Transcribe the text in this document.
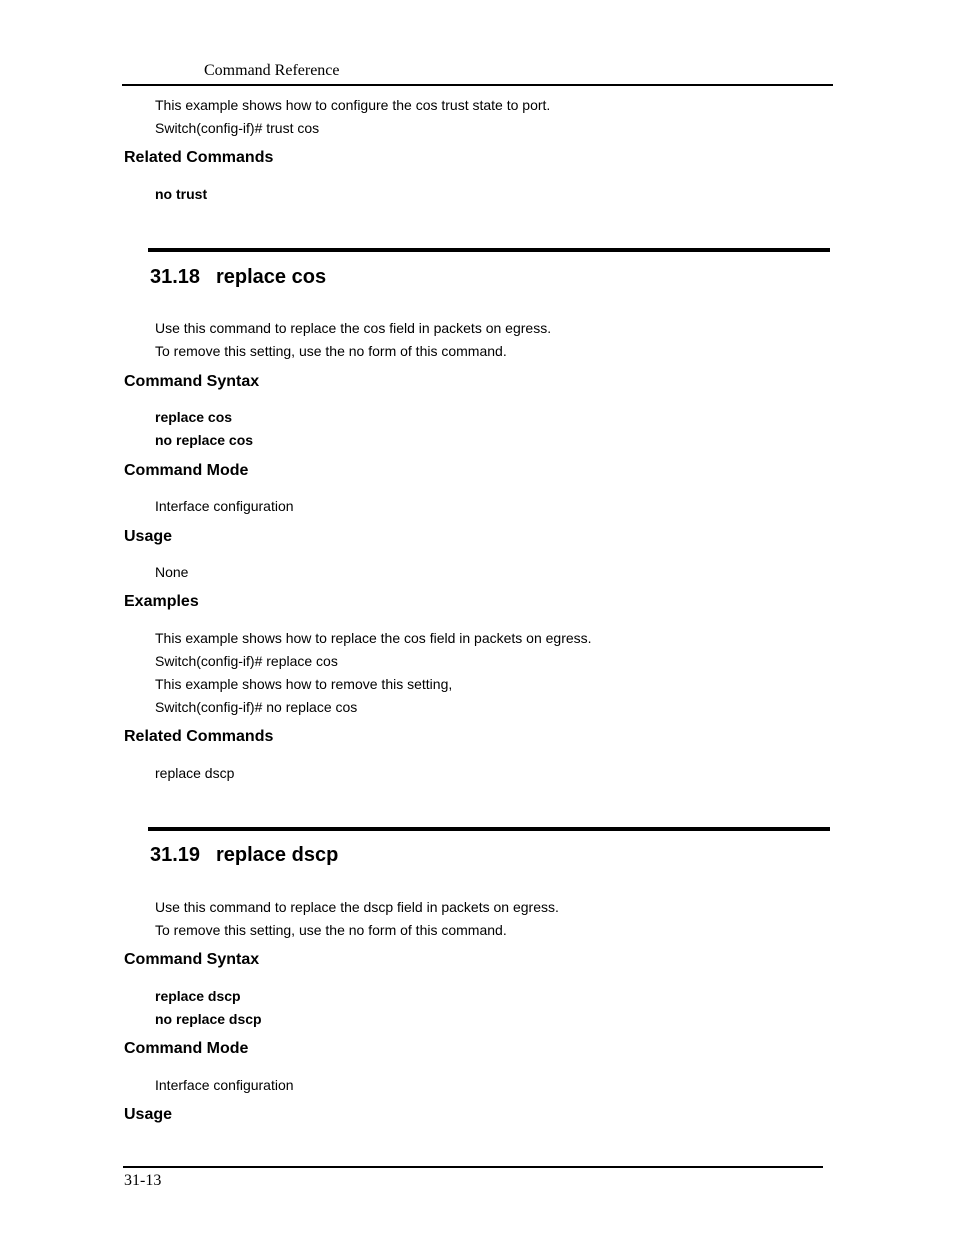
Command Reference
This example shows how to configure the cos trust state to port.
Switch(config-if)# trust cos
Related Commands
no trust
31.18 replace cos
Use this command to replace the cos field in packets on egress.
To remove this setting, use the no form of this command.
Command Syntax
replace cos
no replace cos
Command Mode
Interface configuration
Usage
None
Examples
This example shows how to replace the cos field in packets on egress.
Switch(config-if)# replace cos
This example shows how to remove this setting,
Switch(config-if)# no replace cos
Related Commands
replace dscp
31.19 replace dscp
Use this command to replace the dscp field in packets on egress.
To remove this setting, use the no form of this command.
Command Syntax
replace dscp
no replace dscp
Command Mode
Interface configuration
Usage
31-13
